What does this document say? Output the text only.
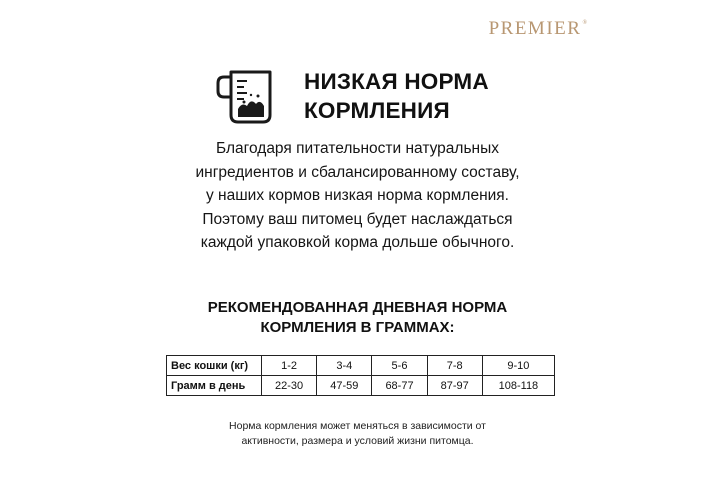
PREMIER®
НИЗКАЯ НОРМА
КОРМЛЕНИЯ
Благодаря питательности натуральных
ингредиентов и сбалансированному составу,
у наших кормов низкая норма кормления.
Поэтому ваш питомец будет наслаждаться
каждой упаковкой корма дольше обычного.
РЕКОМЕНДОВАННАЯ ДНЕВНАЯ НОРМА
КОРМЛЕНИЯ В ГРАММАХ:
Вес кошки (кг)	1-2	3-4	5-6	7-8	9-10
Грамм в день	22-30	47-59	68-77	87-97	108-118
Норма кормления может меняться в зависимости от
активности, размера и условий жизни питомца.
